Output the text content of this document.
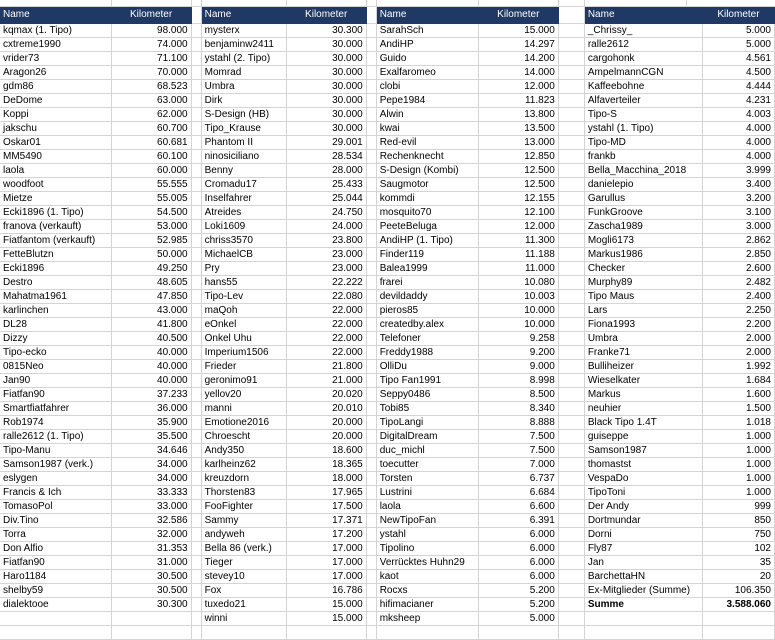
Name	Kilometer		Name	Kilometer		Name	Kilometer		Name	Kilometer
kqmax (1. Tipo)	98.000		mysterx	30.300		SarahSch	15.000		_Chrissy_	5.000
cxtreme1990	74.000		benjaminw2411	30.000		AndiHP	14.297		ralle2612	5.000
vrider73	71.100		ystahl (2. Tipo)	30.000		Guido	14.200		cargohonk	4.561
Aragon26	70.000		Momrad	30.000		Exalfaromeo	14.000		AmpelmannCGN	4.500
gdm86	68.523		Umbra	30.000		clobi	12.000		Kaffeebohne	4.444
DeDome	63.000		Dirk	30.000		Pepe1984	11.823		Alfaverteiler	4.231
Koppi	62.000		S-Design (HB)	30.000		Alwin	13.800		Tipo-S	4.003
jakschu	60.700		Tipo_Krause	30.000		kwai	13.500		ystahl (1. Tipo)	4.000
Oskar01	60.681		Phantom II	29.001		Red-evil	13.000		Tipo-MD	4.000
MM5490	60.100		ninosiciliano	28.534		Rechenknecht	12.850		frankb	4.000
laola	60.000		Benny	28.000		S-Design (Kombi)	12.500		Bella_Macchina_2018	3.999
woodfoot	55.555		Cromadu17	25.433		Saugmotor	12.500		danielepio	3.400
Mietze	55.005		Inselfahrer	25.044		kommdi	12.155		Garullus	3.200
Ecki1896 (1. Tipo)	54.500		Atreides	24.750		mosquito70	12.100		FunkGroove	3.100
franova (verkauft)	53.000		Loki1609	24.000		PeeteBeluga	12.000		Zascha1989	3.000
Fiatfantom (verkauft)	52.985		chriss3570	23.800		AndiHP (1. Tipo)	11.300		Mogli6173	2.862
FetteBlutzn	50.000		MichaelCB	23.000		Finder119	11.188		Markus1986	2.850
Ecki1896	49.250		Pry	23.000		Balea1999	11.000		Checker	2.600
Destro	48.605		hans55	22.222		frarei	10.080		Murphy89	2.482
Mahatma1961	47.850		Tipo-Lev	22.080		devildaddy	10.003		Tipo Maus	2.400
karlinchen	43.000		maQoh	22.000		pieros85	10.000		Lars	2.250
DL28	41.800		eOnkel	22.000		createdby.alex	10.000		Fiona1993	2.200
Dizzy	40.500		Onkel Uhu	22.000		Telefoner	9.258		Umbra	2.000
Tipo-ecko	40.000		Imperium1506	22.000		Freddy1988	9.200		Franke71	2.000
0815Neo	40.000		Frieder	21.800		OlliDu	9.000		Bulliheizer	1.992
Jan90	40.000		geronimo91	21.000		Tipo Fan1991	8.998		Wieselkater	1.684
Fiatfan90	37.233		yellov20	20.020		Seppy0486	8.500		Markus	1.600
Smartfiatfahrer	36.000		manni	20.010		Tobi85	8.340		neuhier	1.500
Rob1974	35.900		Emotione2016	20.000		TipoLangi	8.888		Black Tipo 1.4T	1.018
ralle2612 (1. Tipo)	35.500		Chroescht	20.000		DigitalDream	7.500		guiseppe	1.000
Tipo-Manu	34.646		Andy350	18.600		duc_michl	7.500		Samson1987	1.000
Samson1987 (verk.)	34.000		karlheinz62	18.365		toecutter	7.000		thomastst	1.000
eslygen	34.000		kreuzdorn	18.000		Torsten	6.737		VespaDo	1.000
Francis & Ich	33.333		Thorsten83	17.965		Lustrini	6.684		TipoToni	1.000
TomasoPol	33.000		FooFighter	17.500		laola	6.600		Der Andy	999
Div.Tino	32.586		Sammy	17.371		NewTipoFan	6.391		Dortmundar	850
Torra	32.000		andyweh	17.200		ystahl	6.000		Dorni	750
Don Alfio	31.353		Bella 86 (verk.)	17.000		Tipolino	6.000		Fly87	102
Fiatfan90	31.000		Tieger	17.000		Verrücktes Huhn29	6.000		Jan	35
Haro1184	30.500		stevey10	17.000		kaot	6.000		BarchettaHN	20
shelby59	30.500		Fox	16.786		Rocxs	5.200		Ex-Mitglieder (Summe)	106.350
dialektooe	30.300		tuxedo21	15.000		hifimacianer	5.200		Summe	3.588.060
			winni	15.000		mksheep	5.000			
